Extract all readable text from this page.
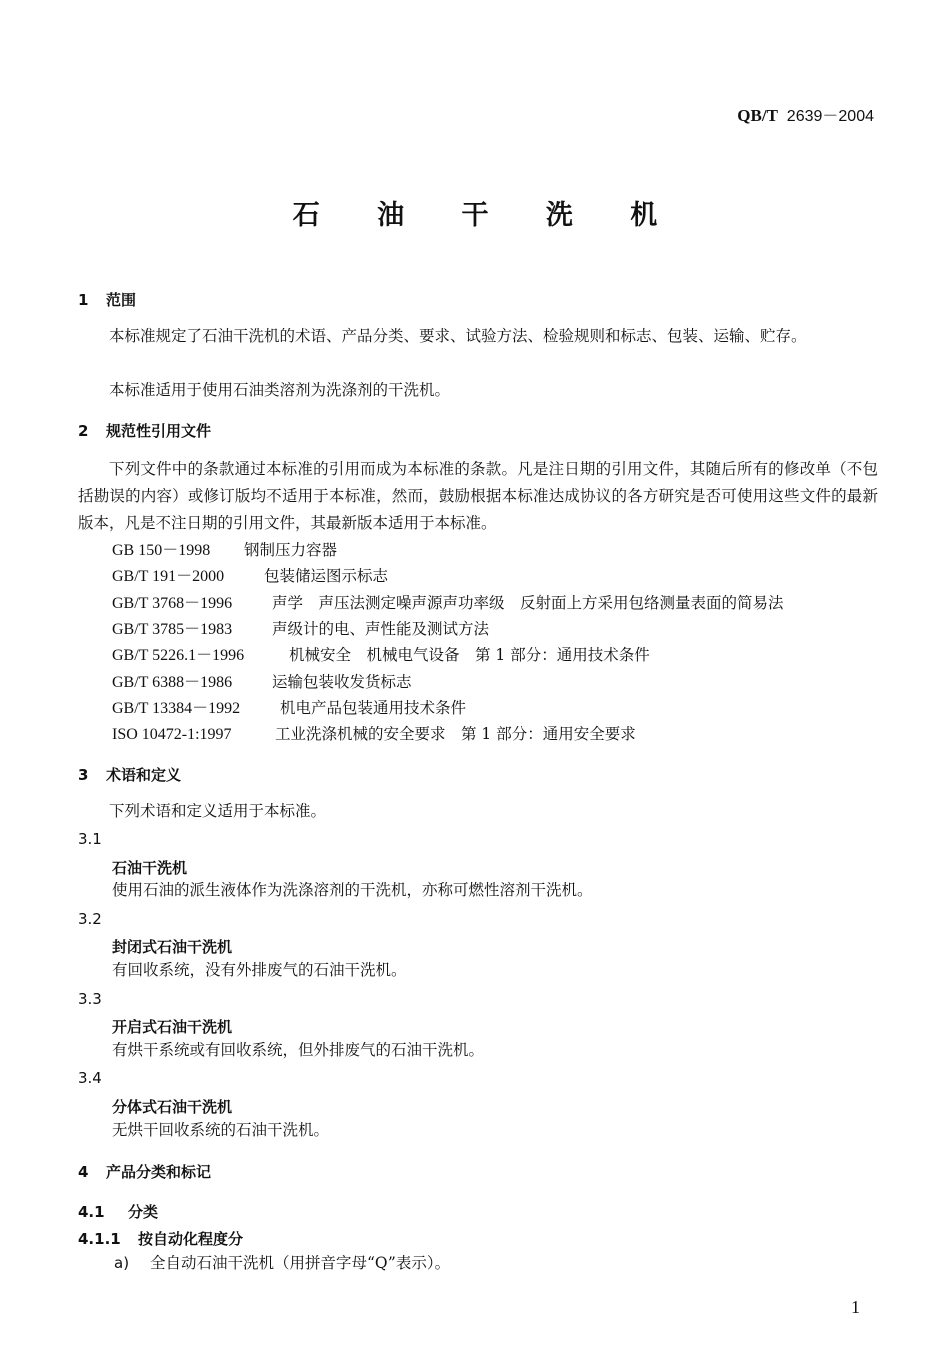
QB/T 2639－2004
石 油 干 洗 机
1 范围
本标准规定了石油干洗机的术语、产品分类、要求、试验方法、检验规则和标志、包装、运输、贮存。
本标准适用于使用石油类溶剂为洗涤剂的干洗机。
2 规范性引用文件
下列文件中的条款通过本标准的引用而成为本标准的条款。凡是注日期的引用文件，其随后所有的修改单（不包括勘误的内容）或修订版均不适用于本标准，然而，鼓励根据本标准达成协议的各方研究是否可使用这些文件的最新版本，凡是不注日期的引用文件，其最新版本适用于本标准。
GB 150－1998 钢制压力容器
GB/T 191－2000	包装储运图示标志
GB/T 3768－1996	声学　声压法测定噪声源声功率级　反射面上方采用包络测量表面的简易法
GB/T 3785－1983	声级计的电、声性能及测试方法
GB/T 5226.1－1996	机械安全　机械电气设备　第 1 部分：通用技术条件
GB/T 6388－1986	运输包装收发货标志
GB/T 13384－1992	机电产品包装通用技术条件
ISO 10472-1:1997	工业洗涤机械的安全要求　第 1 部分：通用安全要求
3 术语和定义
下列术语和定义适用于本标准。
3.1
石油干洗机
使用石油的派生液体作为洗涤溶剂的干洗机，亦称可燃性溶剂干洗机。
3.2
封闭式石油干洗机
有回收系统，没有外排废气的石油干洗机。
3.3
开启式石油干洗机
有烘干系统或有回收系统，但外排废气的石油干洗机。
3.4
分体式石油干洗机
无烘干回收系统的石油干洗机。
4 产品分类和标记
4.1 分类
4.1.1 按自动化程度分
a) 全自动石油干洗机（用拼音字母“Q”表示）。
1
